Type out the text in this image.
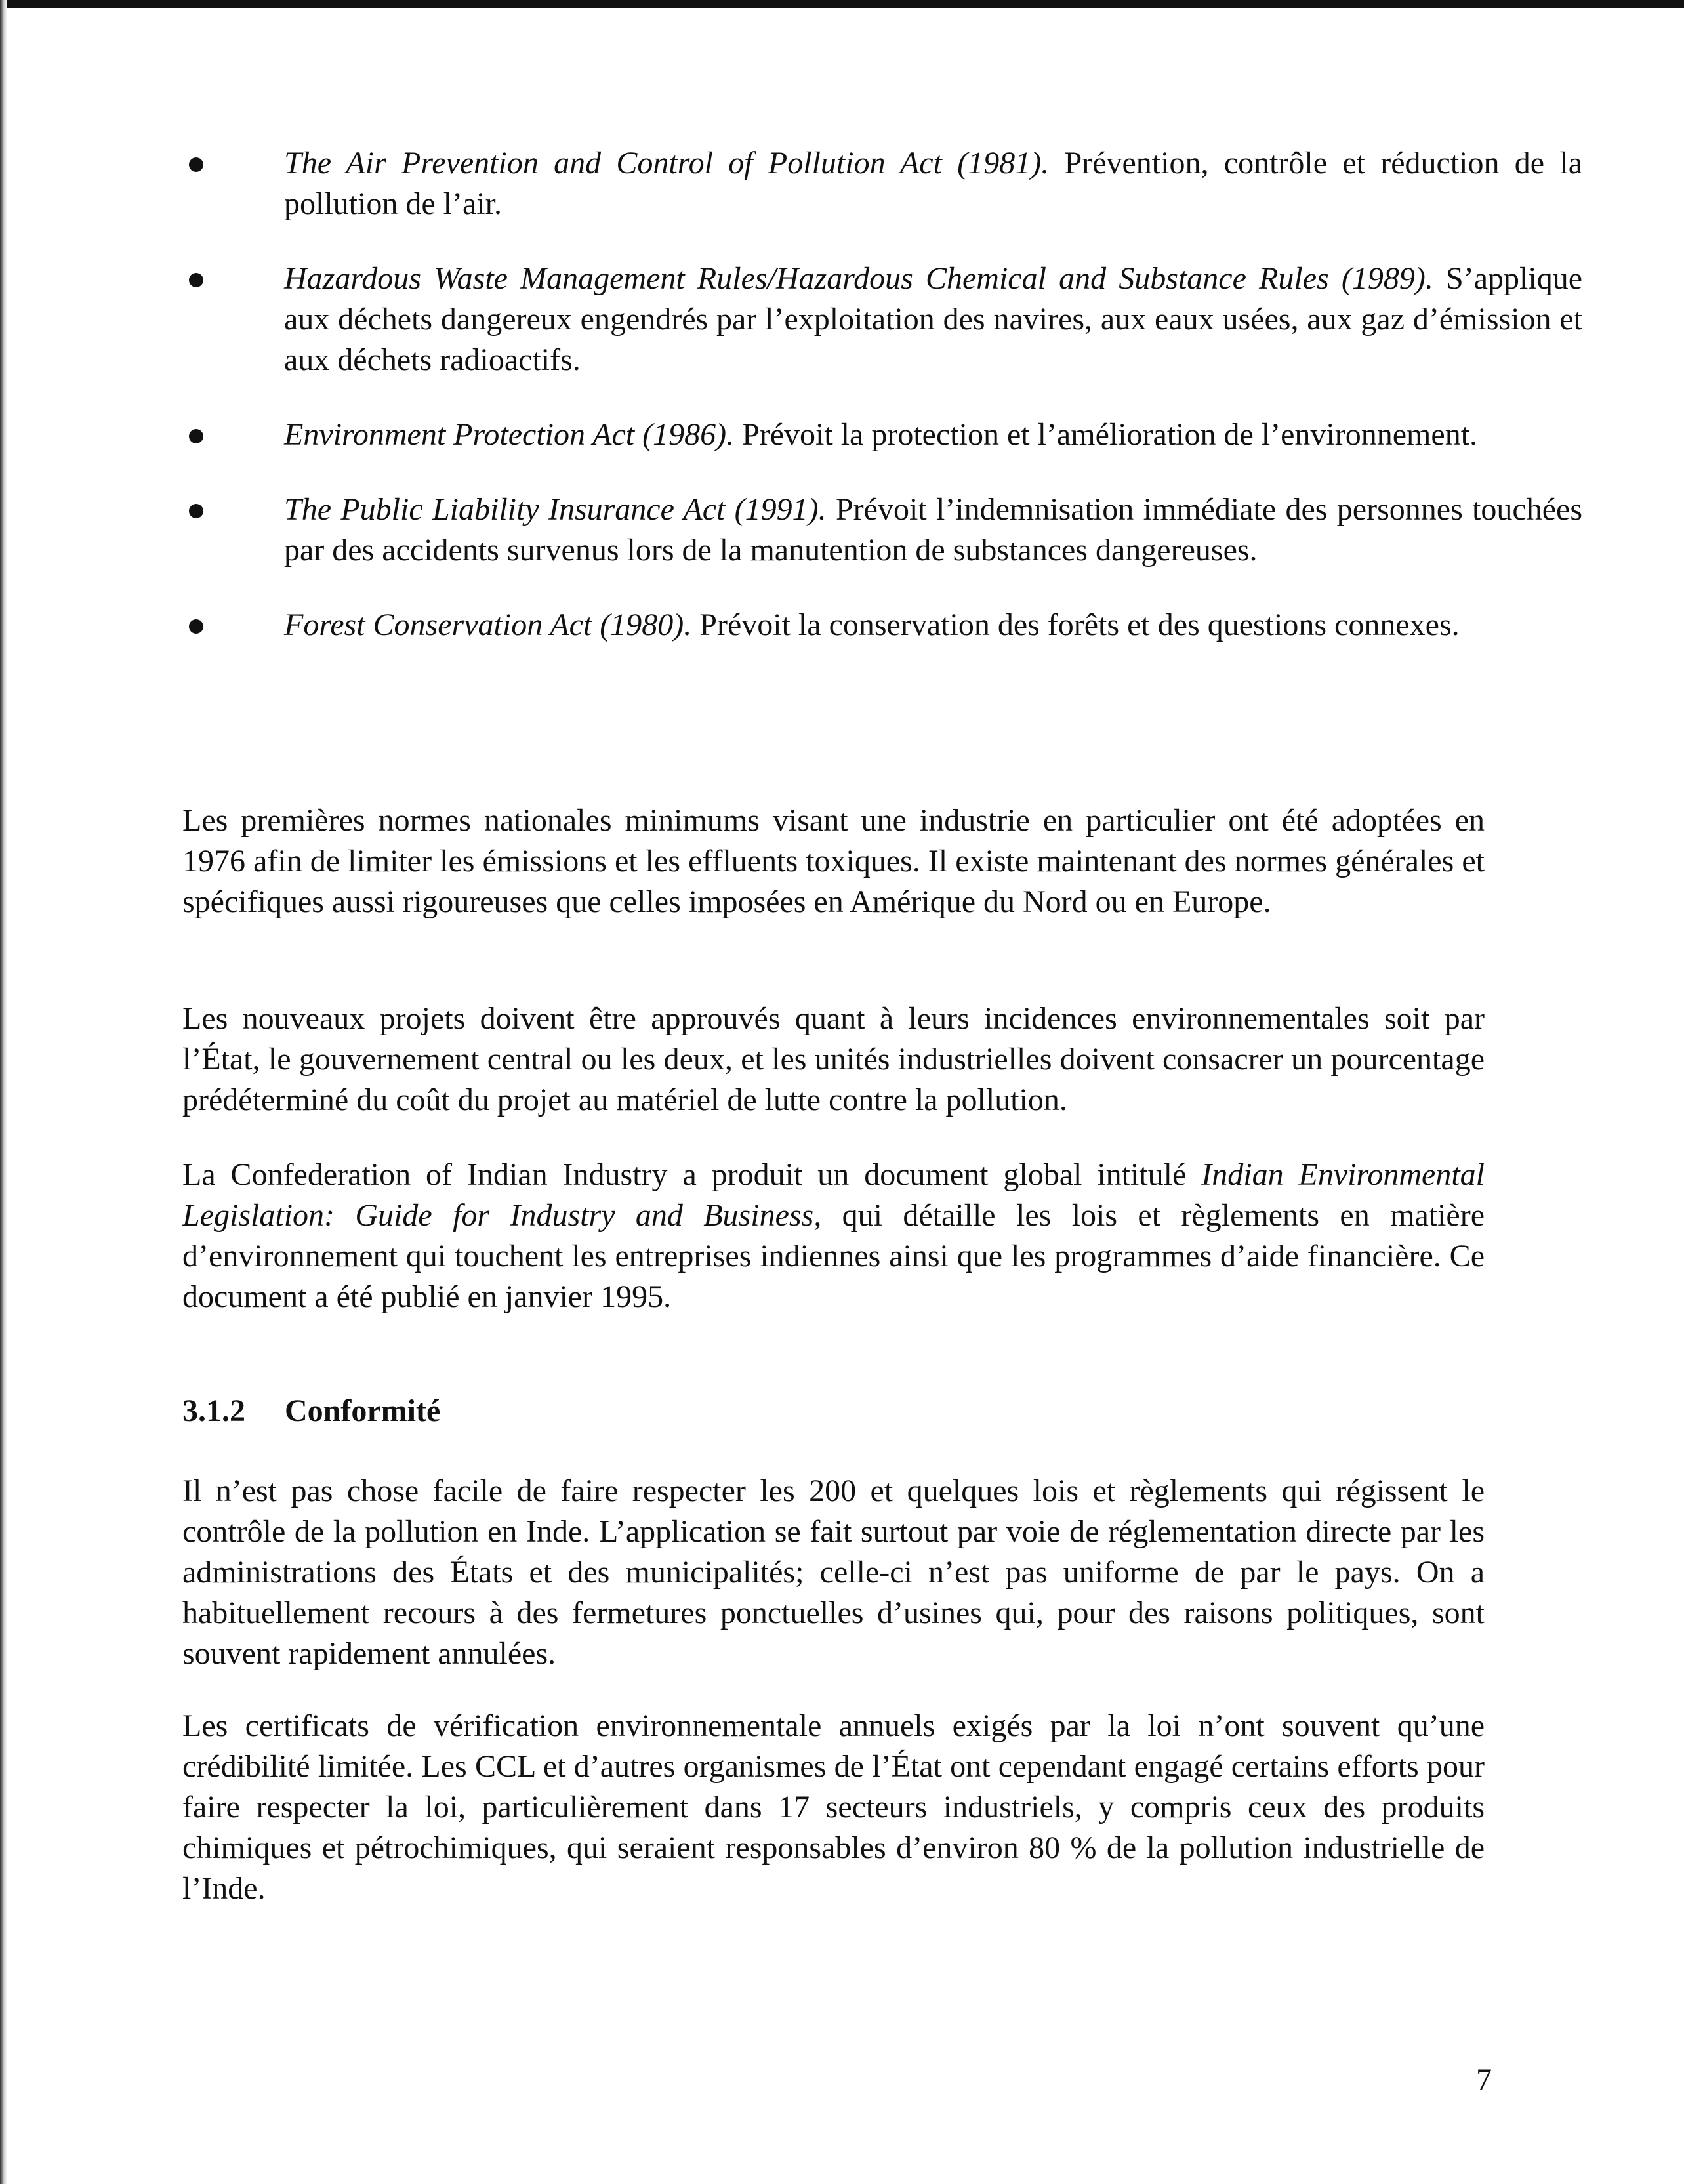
The Air Prevention and Control of Pollution Act (1981). Prévention, contrôle et réduction de la pollution de l’air.
Hazardous Waste Management Rules/Hazardous Chemical and Substance Rules (1989). S’applique aux déchets dangereux engendrés par l’exploitation des navires, aux eaux usées, aux gaz d’émission et aux déchets radioactifs.
Environment Protection Act (1986). Prévoit la protection et l’amélioration de l’environnement.
The Public Liability Insurance Act (1991). Prévoit l’indemnisation immédiate des personnes touchées par des accidents survenus lors de la manutention de substances dangereuses.
Forest Conservation Act (1980). Prévoit la conservation des forêts et des questions connexes.

Les premières normes nationales minimums visant une industrie en particulier ont été adoptées en 1976 afin de limiter les émissions et les effluents toxiques. Il existe maintenant des normes générales et spécifiques aussi rigoureuses que celles imposées en Amérique du Nord ou en Europe.

Les nouveaux projets doivent être approuvés quant à leurs incidences environnementales soit par l’État, le gouvernement central ou les deux, et les unités industrielles doivent consacrer un pourcentage prédéterminé du coût du projet au matériel de lutte contre la pollution.

La Confederation of Indian Industry a produit un document global intitulé Indian Environmental Legislation: Guide for Industry and Business, qui détaille les lois et règlements en matière d’environnement qui touchent les entreprises indiennes ainsi que les programmes d’aide financière. Ce document a été publié en janvier 1995.

3.1.2 Conformité

Il n’est pas chose facile de faire respecter les 200 et quelques lois et règlements qui régissent le contrôle de la pollution en Inde. L’application se fait surtout par voie de réglementation directe par les administrations des États et des municipalités; celle-ci n’est pas uniforme de par le pays. On a habituellement recours à des fermetures ponctuelles d’usines qui, pour des raisons politiques, sont souvent rapidement annulées.

Les certificats de vérification environnementale annuels exigés par la loi n’ont souvent qu’une crédibilité limitée. Les CCL et d’autres organismes de l’État ont cependant engagé certains efforts pour faire respecter la loi, particulièrement dans 17 secteurs industriels, y compris ceux des produits chimiques et pétrochimiques, qui seraient responsables d’environ 80 % de la pollution industrielle de l’Inde.

7
